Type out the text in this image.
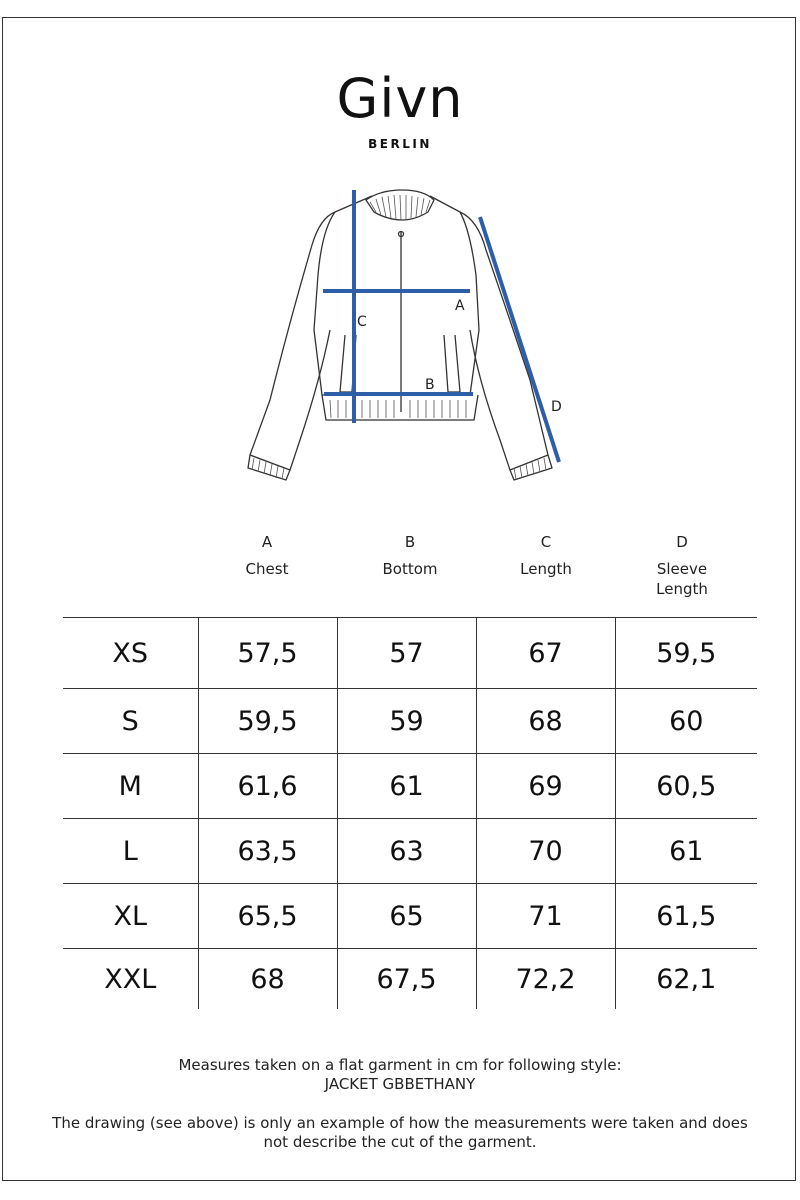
Givn
BERLIN
A
B
C
D
A
Chest
B
Bottom
C
Length
D
Sleeve Length
XS	57,5	57	67	59,5
S	59,5	59	68	60
M	61,6	61	69	60,5
L	63,5	63	70	61
XL	65,5	65	71	61,5
XXL	68	67,5	72,2	62,1
Measures taken on a flat garment in cm for following style:
JACKET GBBETHANY
The drawing (see above) is only an example of how the measurements were taken and does
not describe the cut of the garment.
